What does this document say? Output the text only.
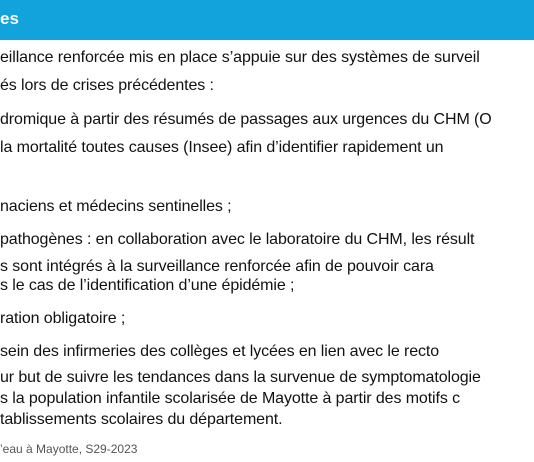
es
eillance renforcée mis en place s’appuie sur des systèmes de surveil
és lors de crises précédentes :
dromique à partir des résumés de passages aux urgences du CHM (O
la mortalité toutes causes (Insee) afin d’identifier rapidement un
naciens et médecins sentinelles ;
pathogènes : en collaboration avec le laboratoire du CHM, les résult
s sont intégrés à la surveillance renforcée afin de pouvoir cara
s le cas de l’identification d’une épidémie ;
ration obligatoire ;
sein des infirmeries des collèges et lycées en lien avec le recto
ur but de suivre les tendances dans la survenue de symptomatologie
s la population infantile scolarisée de Mayotte à partir des motifs c
tablissements scolaires du département.
’eau à Mayotte, S29-2023
